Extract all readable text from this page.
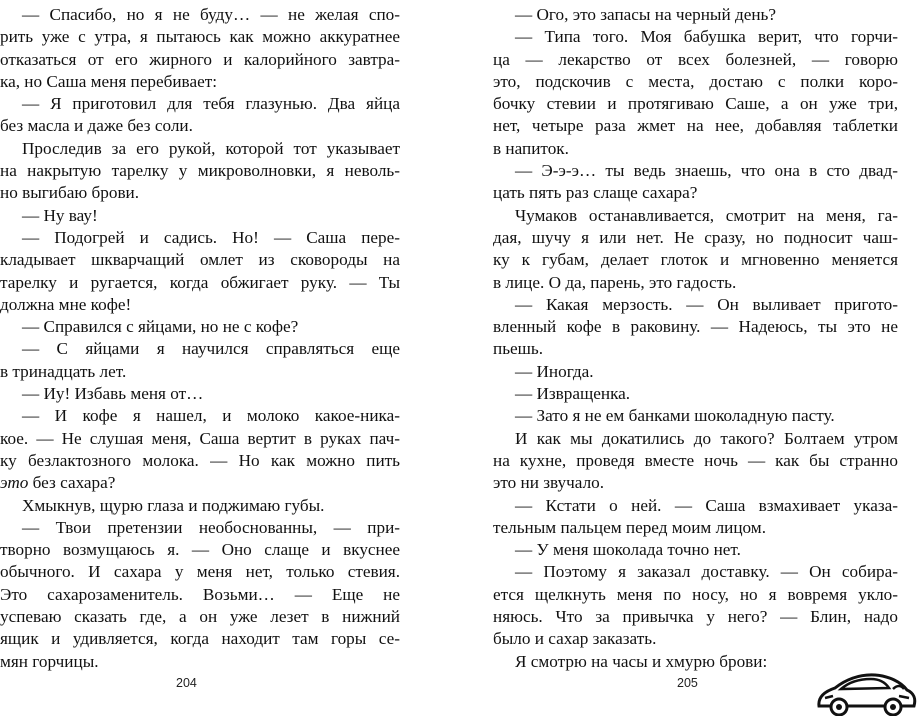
— Спасибо, но я не буду… — не желая спо-
рить уже с утра, я пытаюсь как можно аккуратнее
отказаться от его жирного и калорийного завтра-
ка, но Саша меня перебивает:
— Я приготовил для тебя глазунью. Два яйца
без масла и даже без соли.
Проследив за его рукой, которой тот указывает
на накрытую тарелку у микроволновки, я неволь-
но выгибаю брови.
— Ну вау!
— Подогрей и садись. Но! — Саша пере-
кладывает шкварчащий омлет из сковороды на
тарелку и ругается, когда обжигает руку. — Ты
должна мне кофе!
— Справился с яйцами, но не с кофе?
— С яйцами я научился справляться еще
в тринадцать лет.
— Иу! Избавь меня от…
— И кофе я нашел, и молоко какое-ника-
кое. — Не слушая меня, Саша вертит в руках пач-
ку безлактозного молока. — Но как можно пить
это без сахара?
Хмыкнув, щурю глаза и поджимаю губы.
— Твои претензии необоснованны, — при-
творно возмущаюсь я. — Оно слаще и вкуснее
обычного. И сахара у меня нет, только стевия.
Это сахарозаменитель. Возьми… — Еще не
успеваю сказать где, а он уже лезет в нижний
ящик и удивляется, когда находит там горы се-
мян горчицы.
— Ого, это запасы на черный день?
— Типа того. Моя бабушка верит, что горчи-
ца — лекарство от всех болезней, — говорю
это, подскочив с места, достаю с полки коро-
бочку стевии и протягиваю Саше, а он уже три,
нет, четыре раза жмет на нее, добавляя таблетки
в напиток.
— Э-э-э… ты ведь знаешь, что она в сто двад-
цать пять раз слаще сахара?
Чумаков останавливается, смотрит на меня, га-
дая, шучу я или нет. Не сразу, но подносит чаш-
ку к губам, делает глоток и мгновенно меняется
в лице. О да, парень, это гадость.
— Какая мерзость. — Он выливает пригото-
вленный кофе в раковину. — Надеюсь, ты это не
пьешь.
— Иногда.
— Извращенка.
— Зато я не ем банками шоколадную пасту.
И как мы докатились до такого? Болтаем утром
на кухне, проведя вместе ночь — как бы странно
это ни звучало.
— Кстати о ней. — Саша взмахивает указа-
тельным пальцем перед моим лицом.
— У меня шоколада точно нет.
— Поэтому я заказал доставку. — Он собира-
ется щелкнуть меня по носу, но я вовремя укло-
няюсь. Что за привычка у него? — Блин, надо
было и сахар заказать.
Я смотрю на часы и хмурю брови:
204	205
